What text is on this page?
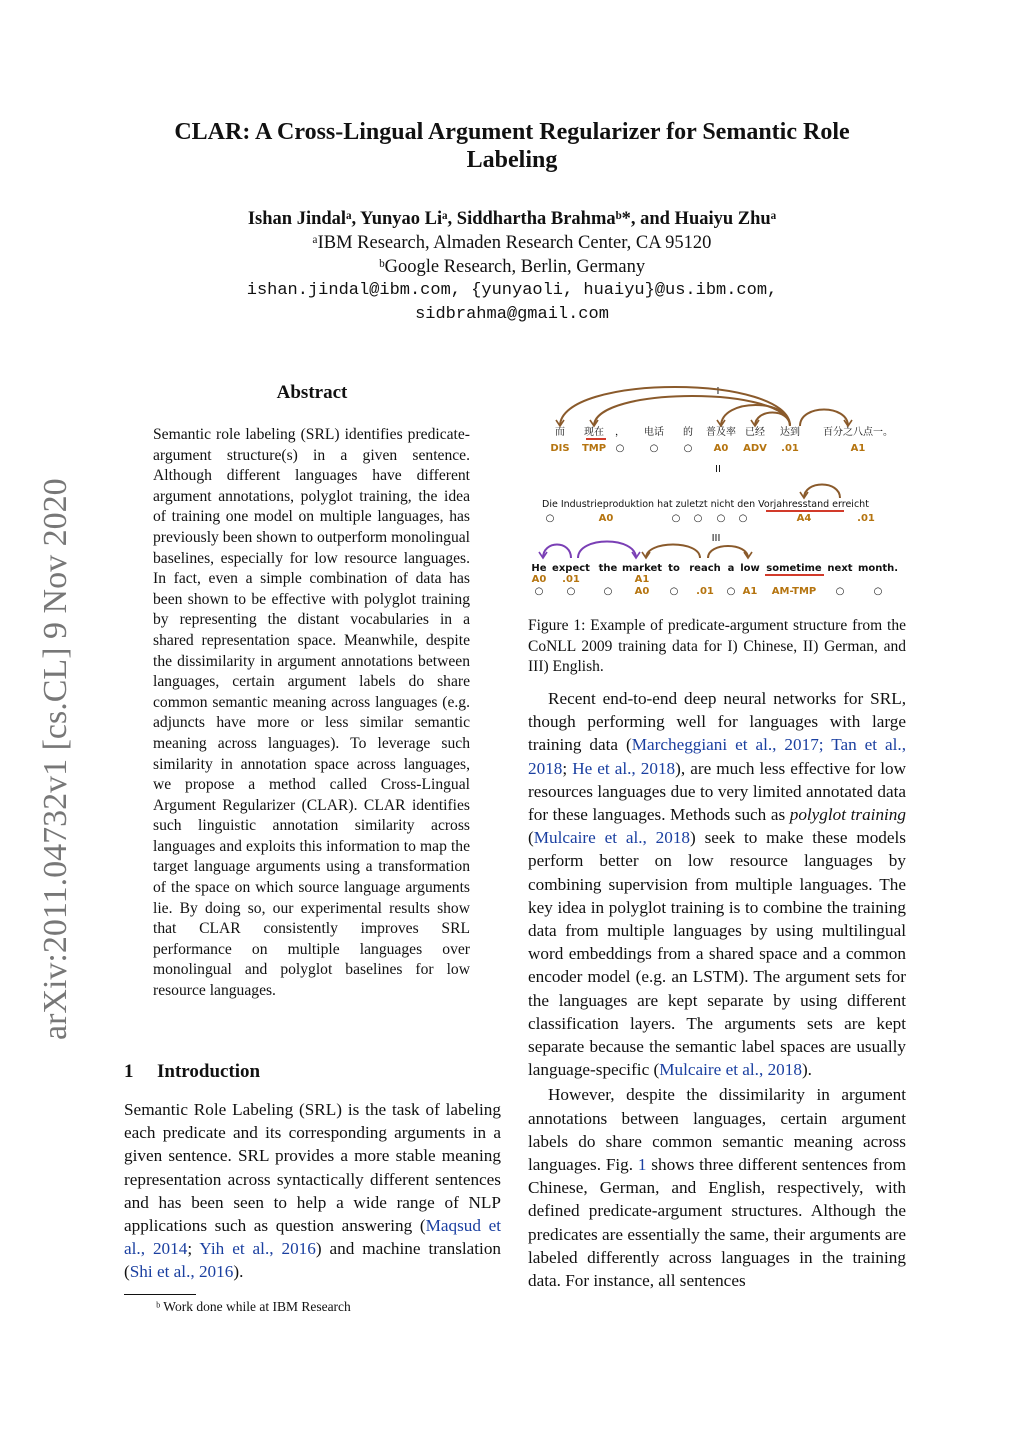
arXiv:2011.04732v1 [cs.CL] 9 Nov 2020
CLAR: A Cross-Lingual Argument Regularizer for Semantic Role Labeling
Ishan Jindalᵃ, Yunyao Liᵃ, Siddhartha Brahmaᵇ*, and Huaiyu Zhuᵃ
ᵃIBM Research, Almaden Research Center, CA 95120
ᵇGoogle Research, Berlin, Germany
ishan.jindal@ibm.com, {yunyaoli, huaiyu}@us.ibm.com,
sidbrahma@gmail.com
Abstract
Semantic role labeling (SRL) identifies predicate-argument structure(s) in a given sentence. Although different languages have different argument annotations, polyglot training, the idea of training one model on multiple languages, has previously been shown to outperform monolingual baselines, especially for low resource languages. In fact, even a simple combination of data has been shown to be effective with polyglot training by representing the distant vocabularies in a shared representation space. Meanwhile, despite the dissimilarity in argument annotations between languages, certain argument labels do share common semantic meaning across languages (e.g. adjuncts have more or less similar semantic meaning across languages). To leverage such similarity in annotation space across languages, we propose a method called Cross-Lingual Argument Regularizer (CLAR). CLAR identifies such linguistic annotation similarity across languages and exploits this information to map the target language arguments using a transformation of the space on which source language arguments lie. By doing so, our experimental results show that CLAR consistently improves SRL performance on multiple languages over monolingual and polyglot baselines for low resource languages.
1 Introduction
Semantic Role Labeling (SRL) is the task of labeling each predicate and its corresponding arguments in a given sentence. SRL provides a more stable meaning representation across syntactically different sentences and has been seen to help a wide range of NLP applications such as question answering (Maqsud et al., 2014; Yih et al., 2016) and machine translation (Shi et al., 2016).
ᵇ Work done while at IBM Research
I
而 现在 ， 电话 的 普及率 已经 达到 百分之八点一。
DIS TMP ○	○	○ A0 ADV .01	A1
II
Die Industrieproduktion hat zuletzt nicht den Vorjahresstand erreicht
○	A0	○ ○ ○ ○	A4	.01
III
He expect the market to reach a low sometime next month.
A0 .01	A1
○ ○	○ A0 ○ .01 ○ A1 AM-TMP ○	○
Figure 1: Example of predicate-argument structure from the CoNLL 2009 training data for I) Chinese, II) German, and III) English.

Recent end-to-end deep neural networks for SRL, though performing well for languages with large training data (Marcheggiani et al., 2017; Tan et al., 2018; He et al., 2018), are much less effective for low resources languages due to very limited annotated data for these languages. Methods such as polyglot training (Mulcaire et al., 2018) seek to make these models perform better on low resource languages by combining supervision from multiple languages. The key idea in polyglot training is to combine the training data from multiple languages by using multilingual word embeddings from a shared space and a common encoder model (e.g. an LSTM). The argument sets for the languages are kept separate by using different classification layers. The arguments sets are kept separate because the semantic label spaces are usually language-specific (Mulcaire et al., 2018).

However, despite the dissimilarity in argument annotations between languages, certain argument labels do share common semantic meaning across languages. Fig. 1 shows three different sentences from Chinese, German, and English, respectively, with defined predicate-argument structures. Although the predicates are essentially the same, their arguments are labeled differently across languages in the training data. For instance, all sentences
